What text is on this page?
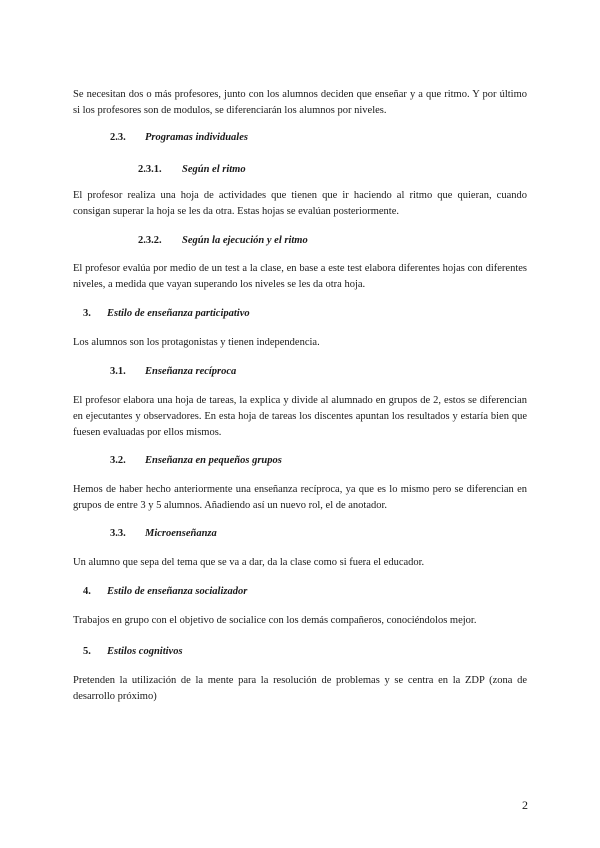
Se necesitan dos o más profesores, junto con los alumnos deciden que enseñar y a que ritmo. Y por último si los profesores son de modulos, se diferenciarán los alumnos por niveles.

2.3. Programas individuales
2.3.1. Según el ritmo

El profesor realiza una hoja de actividades que tienen que ir haciendo al ritmo que quieran, cuando consigan superar la hoja se les da otra. Estas hojas se evalúan posteriormente.

2.3.2. Según la ejecución y el ritmo

El profesor evalúa por medio de un test a la clase, en base a este test elabora diferentes hojas con diferentes niveles, a medida que vayan superando los niveles se les da otra hoja.

3. Estilo de enseñanza participativo

Los alumnos son los protagonistas y tienen independencia.

3.1. Enseñanza recíproca

El profesor elabora una hoja de tareas, la explica y divide al alumnado en grupos de 2, estos se diferencian en ejecutantes y observadores. En esta hoja de tareas los discentes apuntan los resultados y estaría bien que fuesen evaluadas por ellos mismos.

3.2. Enseñanza en pequeños grupos

Hemos de haber hecho anteriormente una enseñanza recíproca, ya que es lo mismo pero se diferencian en grupos de entre 3 y 5 alumnos. Añadiendo así un nuevo rol, el de anotador.

3.3. Microenseñanza

Un alumno que sepa del tema que se va a dar, da la clase como si fuera el educador.

4. Estilo de enseñanza socializador

Trabajos en grupo con el objetivo de socialice con los demás compañeros, conociéndolos mejor.

5. Estilos cognitivos

Pretenden la utilización de la mente para la resolución de problemas y se centra en la ZDP (zona de desarrollo próximo)

2
